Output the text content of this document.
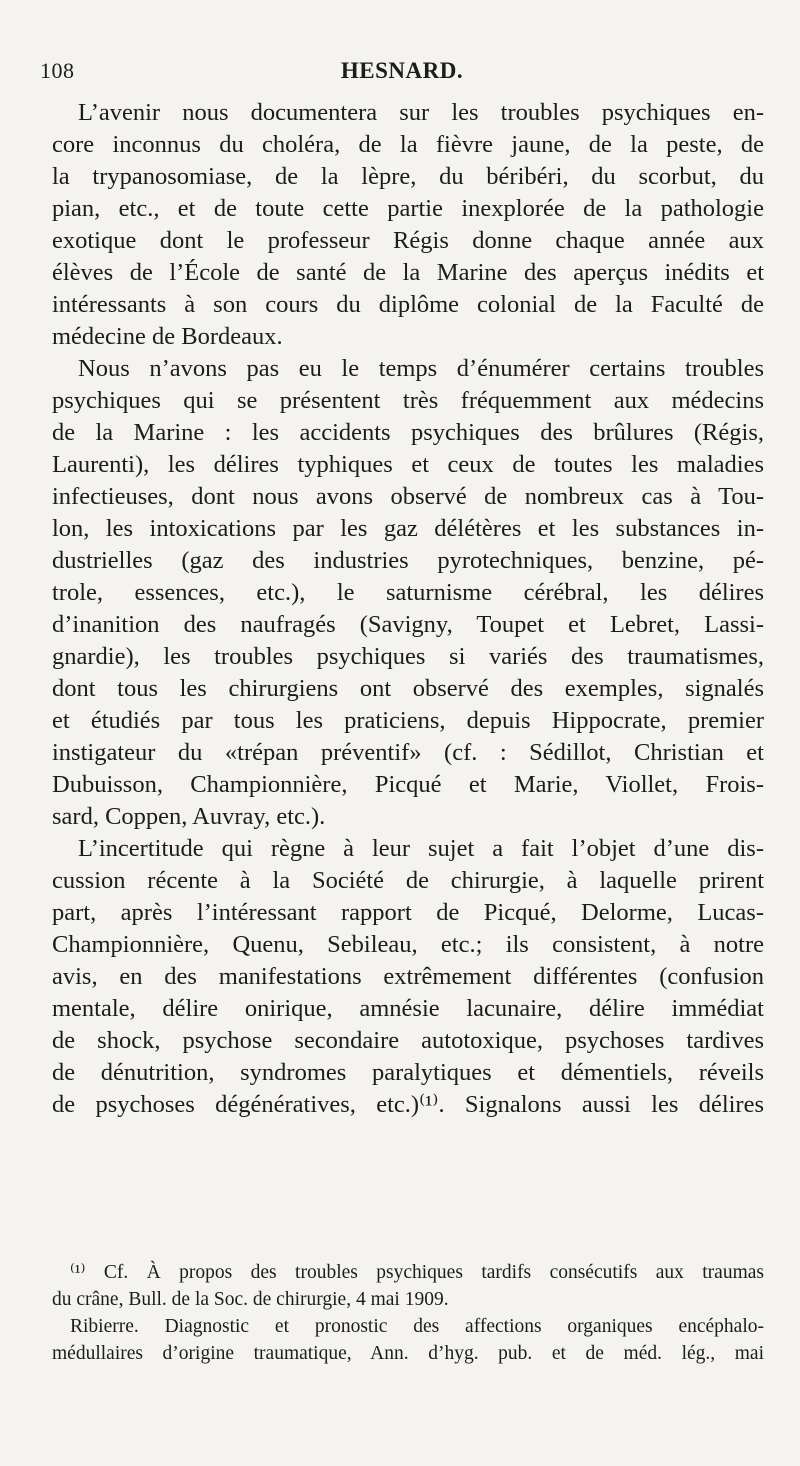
108	HESNARD.
L’avenir nous documentera sur les troubles psychiques en-
core inconnus du choléra, de la fièvre jaune, de la peste, de
la trypanosomiase, de la lèpre, du béribéri, du scorbut, du
pian, etc., et de toute cette partie inexplorée de la pathologie
exotique dont le professeur Régis donne chaque année aux
élèves de l’École de santé de la Marine des aperçus inédits et
intéressants à son cours du diplôme colonial de la Faculté de
médecine de Bordeaux.
Nous n’avons pas eu le temps d’énumérer certains troubles
psychiques qui se présentent très fréquemment aux médecins
de la Marine : les accidents psychiques des brûlures (Régis,
Laurenti), les délires typhiques et ceux de toutes les maladies
infectieuses, dont nous avons observé de nombreux cas à Tou-
lon, les intoxications par les gaz délétères et les substances in-
dustrielles (gaz des industries pyrotechniques, benzine, pé-
trole, essences, etc.), le saturnisme cérébral, les délires
d’inanition des naufragés (Savigny, Toupet et Lebret, Lassi-
gnardie), les troubles psychiques si variés des traumatismes,
dont tous les chirurgiens ont observé des exemples, signalés
et étudiés par tous les praticiens, depuis Hippocrate, premier
instigateur du «trépan préventif» (cf. : Sédillot, Christian et
Dubuisson, Championnière, Picqué et Marie, Viollet, Frois-
sard, Coppen, Auvray, etc.).
L’incertitude qui règne à leur sujet a fait l’objet d’une dis-
cussion récente à la Société de chirurgie, à laquelle prirent
part, après l’intéressant rapport de Picqué, Delorme, Lucas-
Championnière, Quenu, Sebileau, etc.; ils consistent, à notre
avis, en des manifestations extrêmement différentes (confusion
mentale, délire onirique, amnésie lacunaire, délire immédiat
de shock, psychose secondaire autotoxique, psychoses tardives
de dénutrition, syndromes paralytiques et démentiels, réveils
de psychoses dégénératives, etc.)⁽¹⁾. Signalons aussi les délires
⁽¹⁾ Cf. À propos des troubles psychiques tardifs consécutifs aux traumas
du crâne, Bull. de la Soc. de chirurgie, 4 mai 1909.
Ribierre. Diagnostic et pronostic des affections organiques encéphalo-
médullaires d’origine traumatique, Ann. d’hyg. pub. et de méd. lég., mai
